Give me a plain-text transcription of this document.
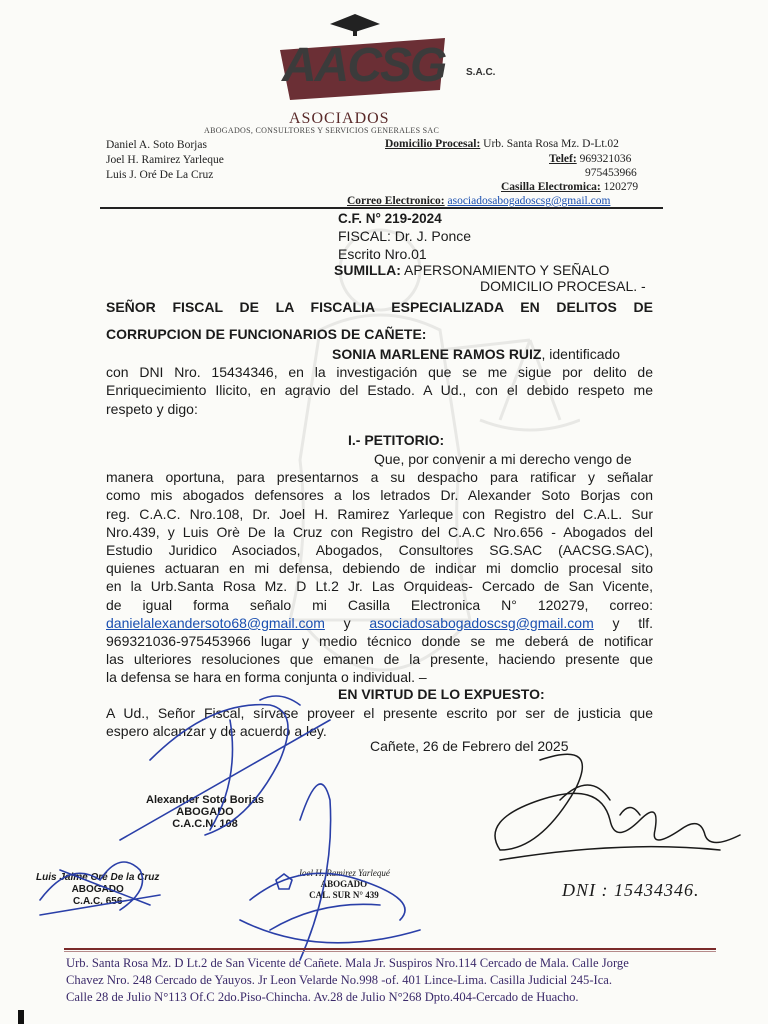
AACSG S.A.C.
ASOCIADOS
ABOGADOS, CONSULTORES Y SERVICIOS GENERALES SAC
Daniel A. Soto Borjas
Joel H. Ramirez Yarleque
Luis J. Oré De La Cruz
Domicilio Procesal: Urb. Santa Rosa Mz. D-Lt.02
Telef: 969321036
975453966
Casilla Electromica: 120279
Correo Electronico: asociadosabogadoscsg@gmail.com
C.F. N° 219-2024
FISCAL: Dr. J. Ponce
Escrito Nro.01
SUMILLA: APERSONAMIENTO Y SEÑALO
DOMICILIO PROCESAL. -
SEÑOR FISCAL DE LA FISCALIA ESPECIALIZADA EN DELITOS DE
CORRUPCION DE FUNCIONARIOS DE CAÑETE:
SONIA MARLENE RAMOS RUIZ, identificado
con DNI Nro. 15434346, en la investigación que se me sigue por delito de
Enriquecimiento Ilicito, en agravio del Estado. A Ud., con el debido respeto me
respeto y digo:
I.- PETITORIO:
Que, por convenir a mi derecho vengo de
manera oportuna, para presentarnos a su despacho para ratificar y señalar
como mis abogados defensores a los letrados Dr. Alexander Soto Borjas con
reg. C.A.C. Nro.108, Dr. Joel H. Ramirez Yarleque con Registro del C.A.L. Sur
Nro.439, y Luis Orè De la Cruz con Registro del C.A.C Nro.656 - Abogados del
Estudio Juridico Asociados, Abogados, Consultores SG.SAC (AACSG.SAC),
quienes actuaran en mi defensa, debiendo de indicar mi domclio procesal sito
en la Urb.Santa Rosa Mz. D Lt.2 Jr. Las Orquideas- Cercado de San Vicente,
de igual forma señalo mi Casilla Electronica N° 120279, correo:
danielalexandersoto68@gmail.com y asociadosabogadoscsg@gmail.com y tlf.
969321036-975453966 lugar y medio técnico donde se me deberá de notificar
las ulteriores resoluciones que emanen de la presente, haciendo presente que
la defensa se hara en forma conjunta o individual. –
EN VIRTUD DE LO EXPUESTO:
A Ud., Señor Fiscal, sírvase proveer el presente escrito por ser de justicia que
espero alcanzar y de acuerdo a ley.
Cañete, 26 de Febrero del 2025
Alexander Soto Borjas
ABOGADO
C.A.C.N. 108
Luis Jaime Oré De la Cruz
ABOGADO
C.A.C. 656
Joel H. Ramirez Yarlequé
ABOGADO
CAL. SUR N° 439	DNI : 15434346.
Urb. Santa Rosa Mz. D Lt.2 de San Vicente de Cañete. Mala Jr. Suspiros Nro.114 Cercado de Mala. Calle Jorge
Chavez Nro. 248 Cercado de Yauyos. Jr Leon Velarde No.998 -of. 401 Lince-Lima. Casilla Judicial 245-Ica.
Calle 28 de Julio N°113 Of.C 2do.Piso-Chincha. Av.28 de Julio N°268 Dpto.404-Cercado de Huacho.
